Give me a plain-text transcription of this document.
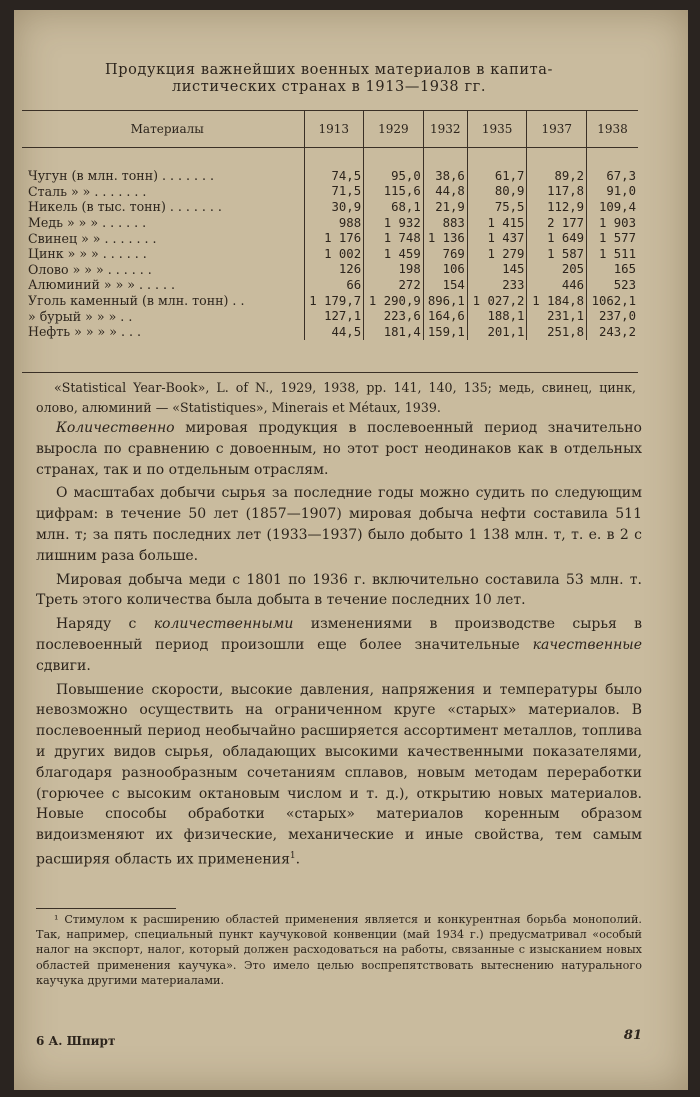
Продукция важнейших военных материалов в капита-
листических странах в 1913—1938 гг.
Материалы	1913	1929	1932	1935	1937	1938

Чугун (в млн. тонн) . . . . . . .	74,5	95,0	38,6	61,7	89,2	67,3
Сталь » » . . . . . . .	71,5	115,6	44,8	80,9	117,8	91,0
Никель (в тыс. тонн) . . . . . . .	30,9	68,1	21,9	75,5	112,9	109,4
Медь » » » . . . . . .	988	1 932	883	1 415	2 177	1 903
Свинец » » . . . . . . .	1 176	1 748	1 136	1 437	1 649	1 577
Цинк » » » . . . . . .	1 002	1 459	769	1 279	1 587	1 511
Олово » » » . . . . . .	126	198	106	145	205	165
Алюминий » » » . . . . .	66	272	154	233	446	523
Уголь каменный (в млн. тонн) . .	1 179,7	1 290,9	896,1	1 027,2	1 184,8	1062,1
» бурый » » » . .	127,1	223,6	164,6	188,1	231,1	237,0
Нефть » » » » . . .	44,5	181,4	159,1	201,1	251,8	243,2
«Statistical Year-Book», L. of N., 1929, 1938, pp. 141, 140, 135; медь, свинец, цинк, олово, алюминий — «Statistiques», Minerais et Métaux, 1939.

Количественно мировая продукция в послевоенный период значительно выросла по сравнению с довоенным, но этот рост неодинаков как в отдельных странах, так и по отдельным отраслям.

О масштабах добычи сырья за последние годы можно судить по следующим цифрам: в течение 50 лет (1857—1907) мировая добыча нефти составила 511 млн. т; за пять последних лет (1933—1937) было добыто 1 138 млн. т, т. е. в 2 с лишним раза больше.

Мировая добыча меди с 1801 по 1936 г. включительно составила 53 млн. т. Треть этого количества была добыта в течение последних 10 лет.

Наряду с количественными изменениями в производстве сырья в послевоенный период произошли еще более значительные качественные сдвиги.

Повышение скорости, высокие давления, напряжения и температуры было невозможно осуществить на ограниченном круге «старых» материалов. В послевоенный период необычайно расширяется ассортимент металлов, топлива и других видов сырья, обладающих высокими качественными показателями, благодаря разнообразным сочетаниям сплавов, новым методам переработки (горючее с высоким октановым числом и т. д.), открытию новых материалов. Новые способы обработки «старых» материалов коренным образом видоизменяют их физические, механические и иные свойства, тем самым расширяя область их применения$^1$.

¹ Стимулом к расширению областей применения является и конкурентная борьба монополий. Так, например, специальный пункт каучуковой конвенции (май 1934 г.) предусматривал «особый налог на экспорт, налог, который должен расходоваться на работы, связанные с изысканием новых областей применения каучука». Это имело целью воспрепятствовать вытеснению натурального каучука другими материалами.

6 А. Шпирт	81
